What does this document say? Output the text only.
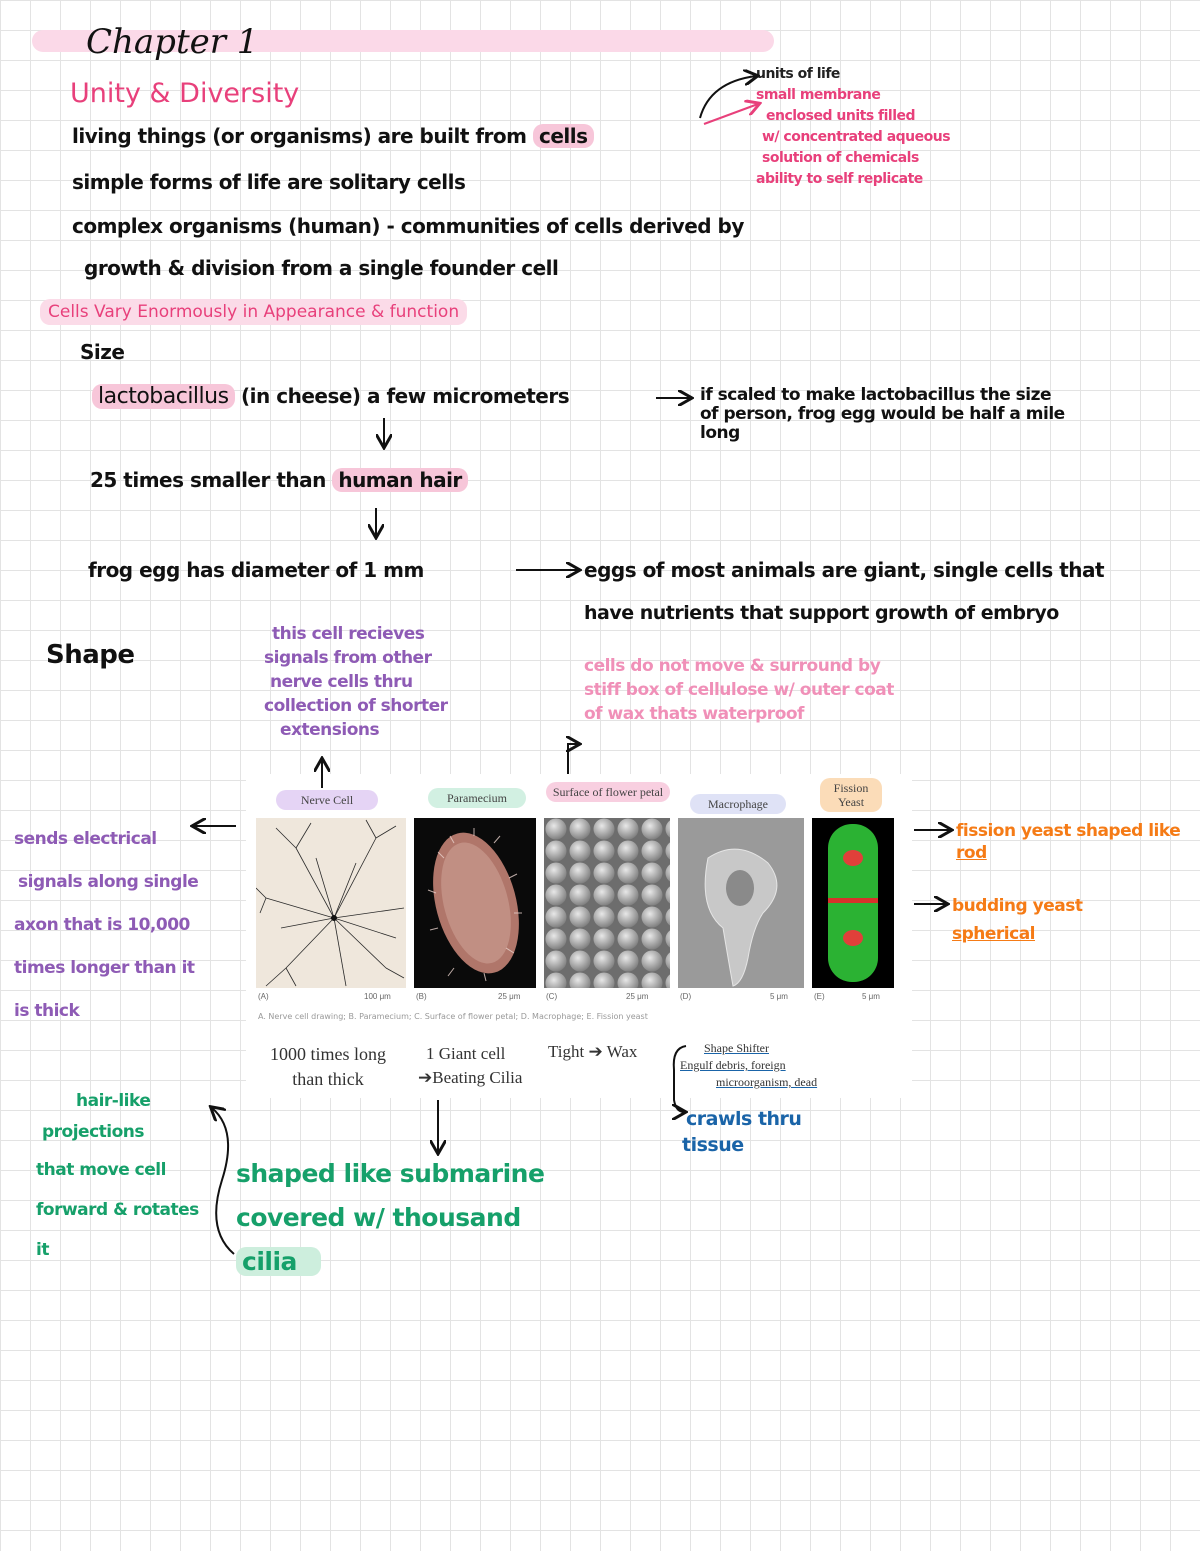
Chapter 1
Unity & Diversity
living things (or organisms) are built from cells
simple forms of life are solitary cells
complex organisms (human) - communities of cells derived by
growth & division from a single founder cell
units of life
small membrane
enclosed units filled
w/ concentrated aqueous
solution of chemicals
ability to self replicate
Cells Vary Enormously in Appearance & function
Size
lactobacillus (in cheese) a few micrometers	if scaled to make lactobacillus the size
of person, frog egg would be half a mile
long
25 times smaller than human hair
frog egg has diameter of 1 mm	eggs of most animals are giant, single cells that
have nutrients that support growth of embryo
Shape
this cell recieves
signals from other
nerve cells thru
collection of shorter
extensions
cells do not move & surround by
stiff box of cellulose w/ outer coat
of wax thats waterproof
sends electrical
signals along single
axon that is 10,000
times longer than it
is thick
fission yeast shaped like
rod
budding yeast
spherical
Nerve Cell	Paramecium	Surface of flower petal
Macrophage
Fission Yeast
(A)	100 μm	(B)	25 μm	(C)	25 μm	(D)	5 μm	(E)	5 μm
A. Nerve cell drawing; B. Paramecium; C. Surface of flower petal; D. Macrophage; E. Fission yeast
1000 times long
than thick
1 Giant cell
➔Beating Cilia
Tight ➔ Wax	Shape Shifter
Engulf debris, foreign
microorganism, dead
hair-like
projections
that move cell
forward & rotates
it
shaped like submarine
covered w/ thousand
cilia
crawls thru
tissue
